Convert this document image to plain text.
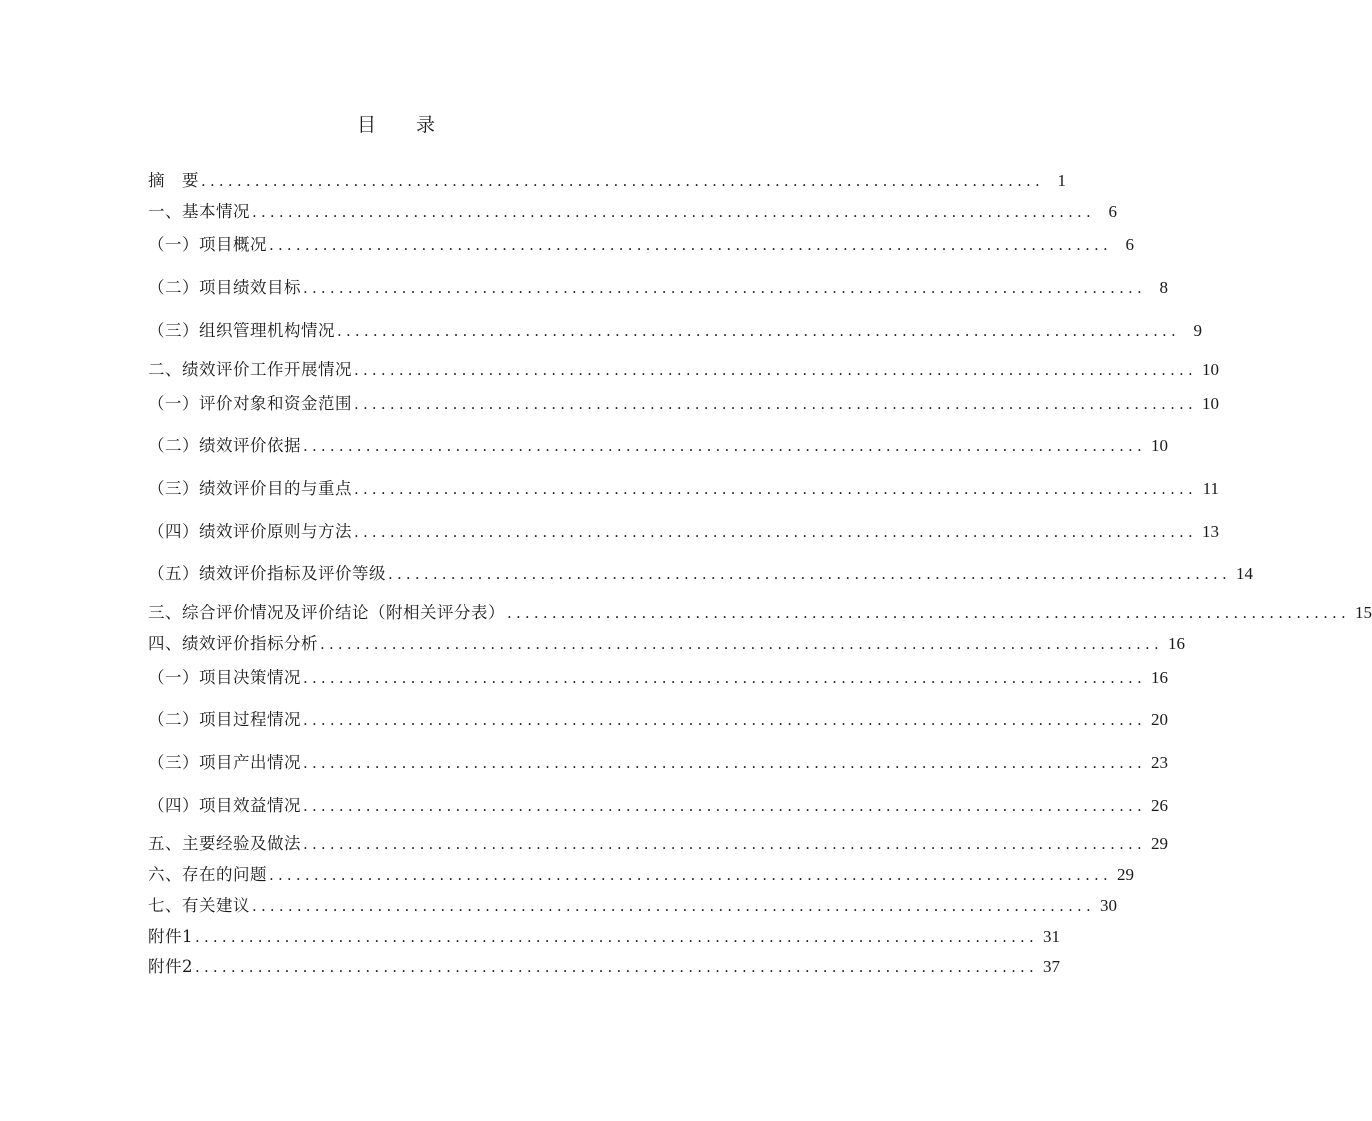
目 录
摘　要 .............................................................................................. 1
一、基本情况 .............................................................................................. 6
（一）项目概况 .............................................................................................. 6
（二）项目绩效目标 .............................................................................................. 8
（三）组织管理机构情况 .............................................................................................. 9
二、绩效评价工作开展情况 .............................................................................................. 10
（一）评价对象和资金范围 .............................................................................................. 10
（二）绩效评价依据 .............................................................................................. 10
（三）绩效评价目的与重点 .............................................................................................. 11
（四）绩效评价原则与方法 .............................................................................................. 13
（五）绩效评价指标及评价等级 .............................................................................................. 14
三、综合评价情况及评价结论（附相关评分表） .............................................................................................. 15
四、绩效评价指标分析 .............................................................................................. 16
（一）项目决策情况 .............................................................................................. 16
（二）项目过程情况 .............................................................................................. 20
（三）项目产出情况 .............................................................................................. 23
（四）项目效益情况 .............................................................................................. 26
五、主要经验及做法 .............................................................................................. 29
六、存在的问题 .............................................................................................. 29
七、有关建议 .............................................................................................. 30
附件1 .............................................................................................. 31
附件2 .............................................................................................. 37
